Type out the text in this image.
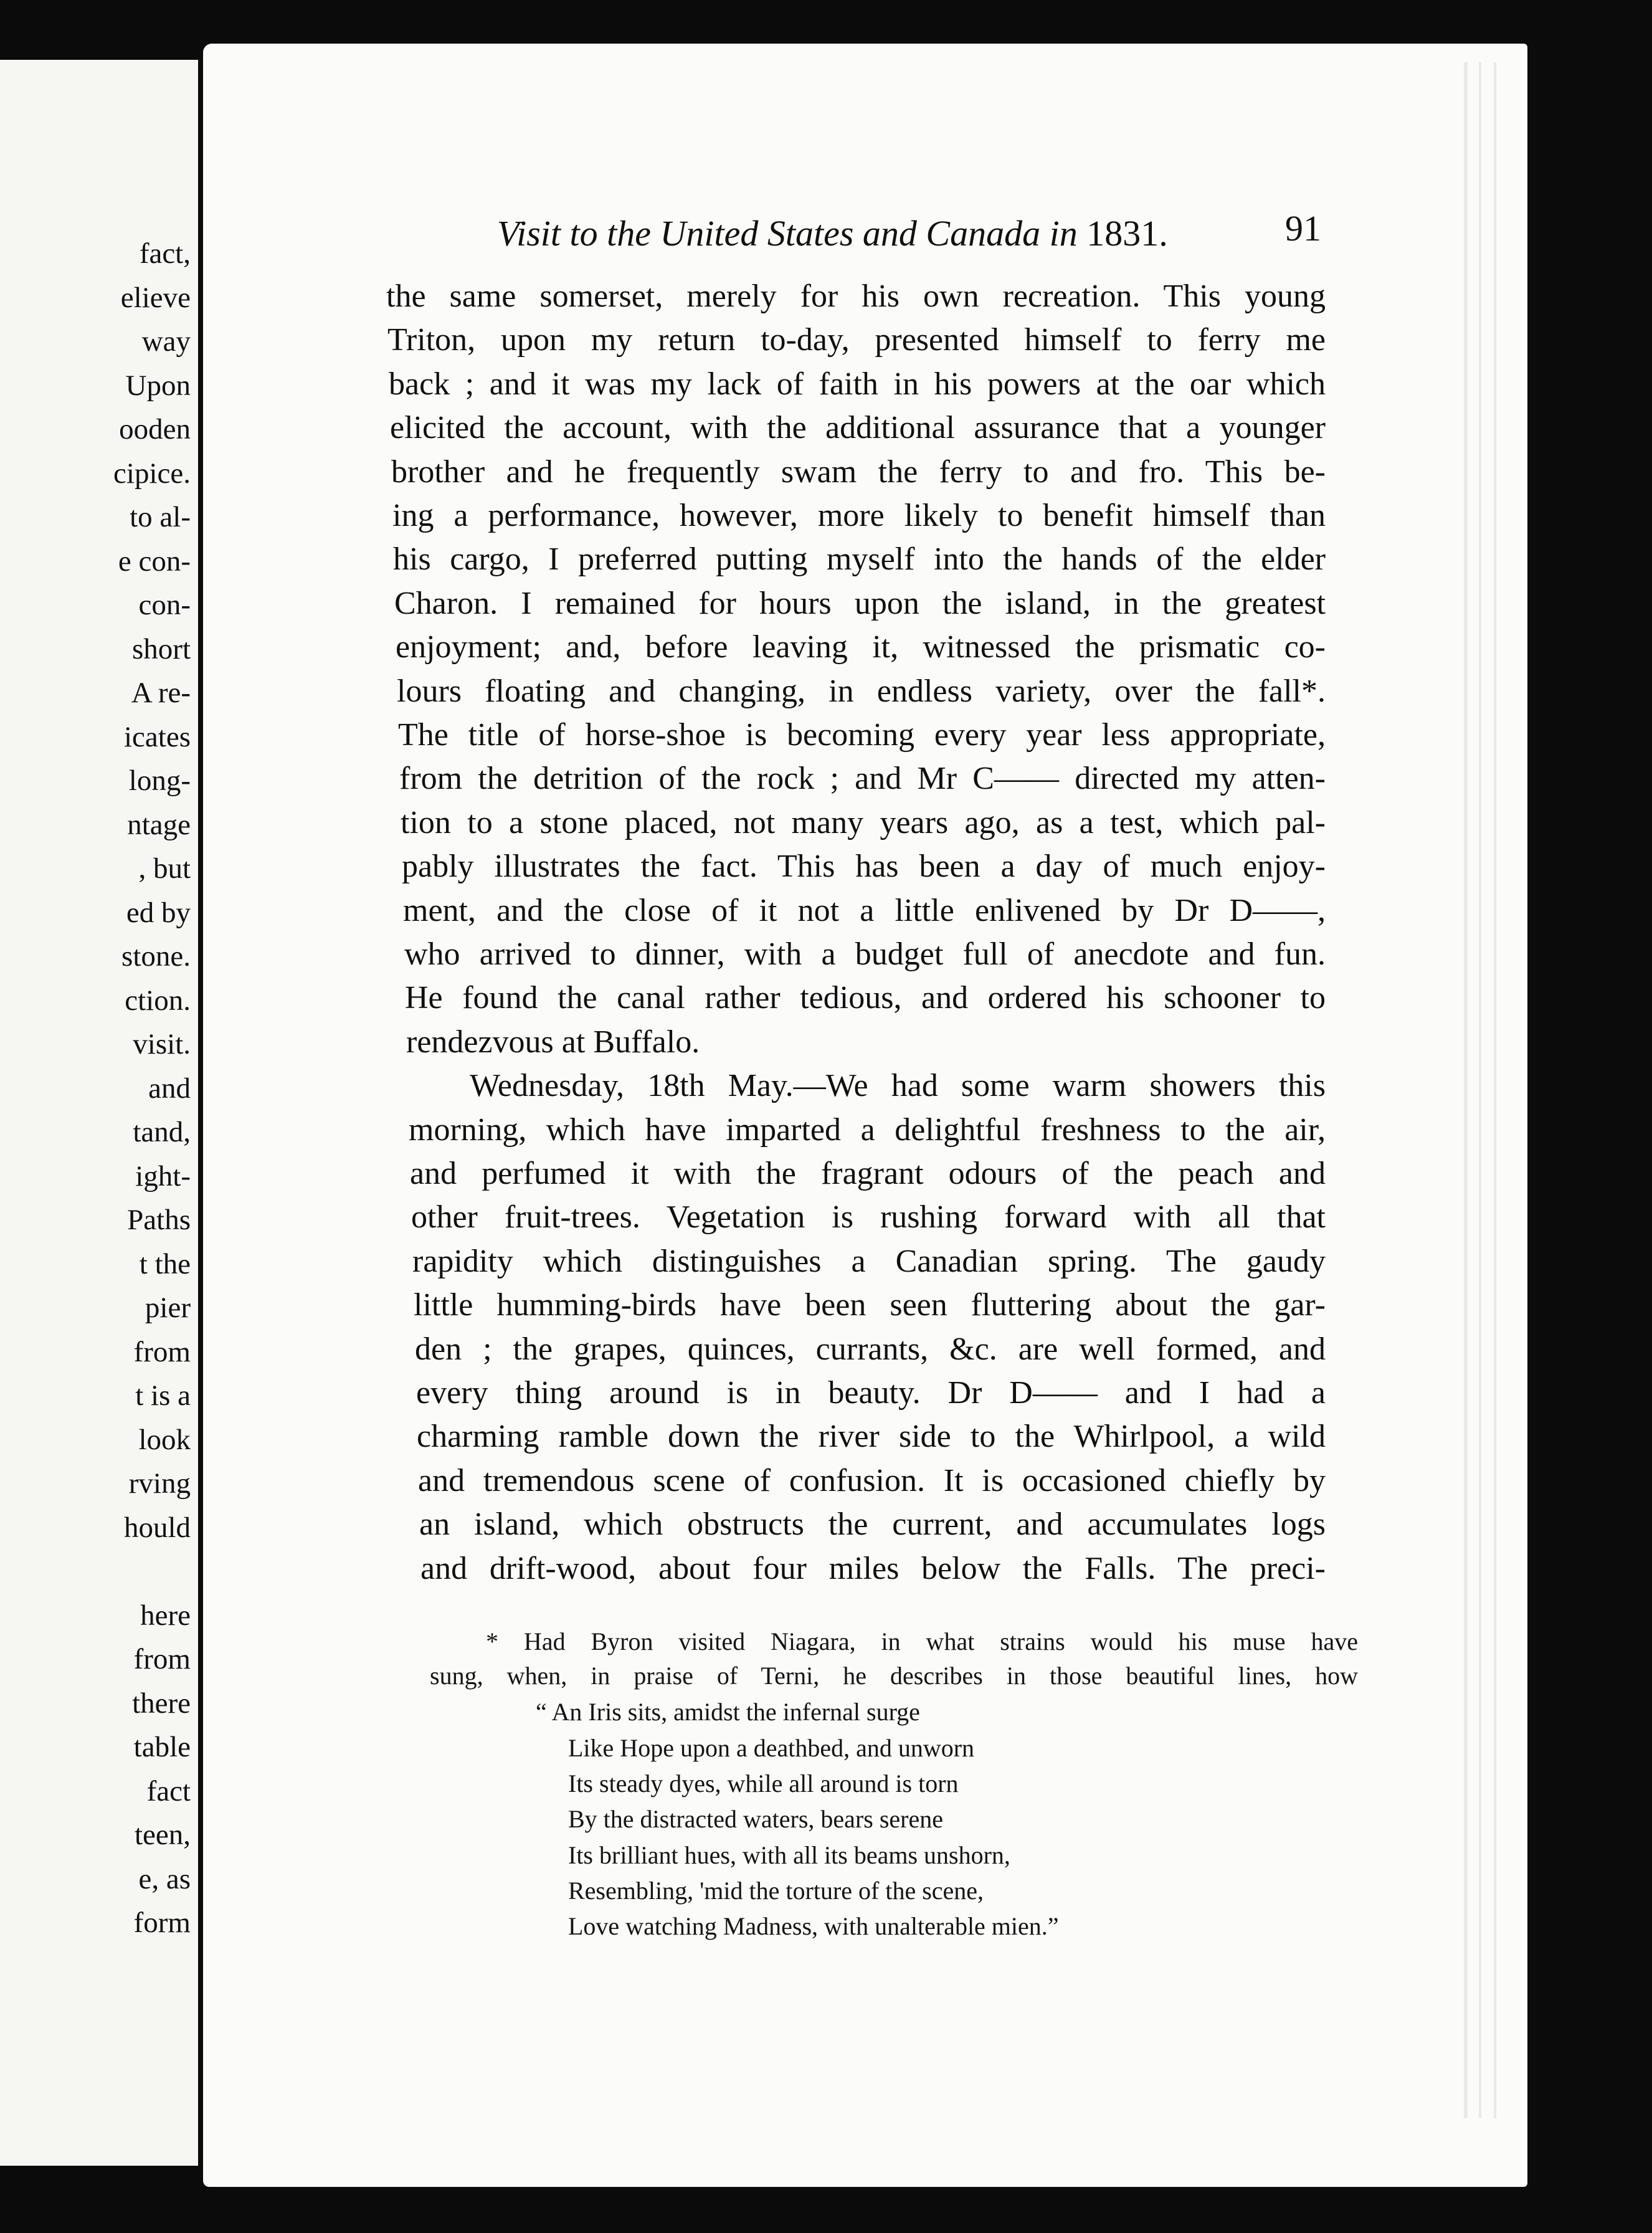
fact,
elieve
way
Upon
ooden
cipice.
to al-
e con-
con-
short
A re-
icates
long-
ntage
, but
ed by
stone.
ction.
visit.
and
tand,
ight-
Paths
t the
pier
from
t is a
look
rving
hould
here
from
there
table
fact
teen,
e, as
form
Visit to the United States and Canada in 1831.	91
the same somerset, merely for his own recreation. This young
Triton, upon my return to-day, presented himself to ferry me
back ; and it was my lack of faith in his powers at the oar which
elicited the account, with the additional assurance that a younger
brother and he frequently swam the ferry to and fro. This be-
ing a performance, however, more likely to benefit himself than
his cargo, I preferred putting myself into the hands of the elder
Charon. I remained for hours upon the island, in the greatest
enjoyment; and, before leaving it, witnessed the prismatic co-
lours floating and changing, in endless variety, over the fall*.
The title of horse-shoe is becoming every year less appropriate,
from the detrition of the rock ; and Mr C—— directed my atten-
tion to a stone placed, not many years ago, as a test, which pal-
pably illustrates the fact. This has been a day of much enjoy-
ment, and the close of it not a little enlivened by Dr D——,
who arrived to dinner, with a budget full of anecdote and fun.
He found the canal rather tedious, and ordered his schooner to
rendezvous at Buffalo.
Wednesday, 18th May.—We had some warm showers this
morning, which have imparted a delightful freshness to the air,
and perfumed it with the fragrant odours of the peach and
other fruit-trees. Vegetation is rushing forward with all that
rapidity which distinguishes a Canadian spring. The gaudy
little humming-birds have been seen fluttering about the gar-
den ; the grapes, quinces, currants, &c. are well formed, and
every thing around is in beauty. Dr D—— and I had a
charming ramble down the river side to the Whirlpool, a wild
and tremendous scene of confusion. It is occasioned chiefly by
an island, which obstructs the current, and accumulates logs
and drift-wood, about four miles below the Falls. The preci-
* Had Byron visited Niagara, in what strains would his muse have
sung, when, in praise of Terni, he describes in those beautiful lines, how
“ An Iris sits, amidst the infernal surge
Like Hope upon a deathbed, and unworn
Its steady dyes, while all around is torn
By the distracted waters, bears serene
Its brilliant hues, with all its beams unshorn,
Resembling, 'mid the torture of the scene,
Love watching Madness, with unalterable mien.”
